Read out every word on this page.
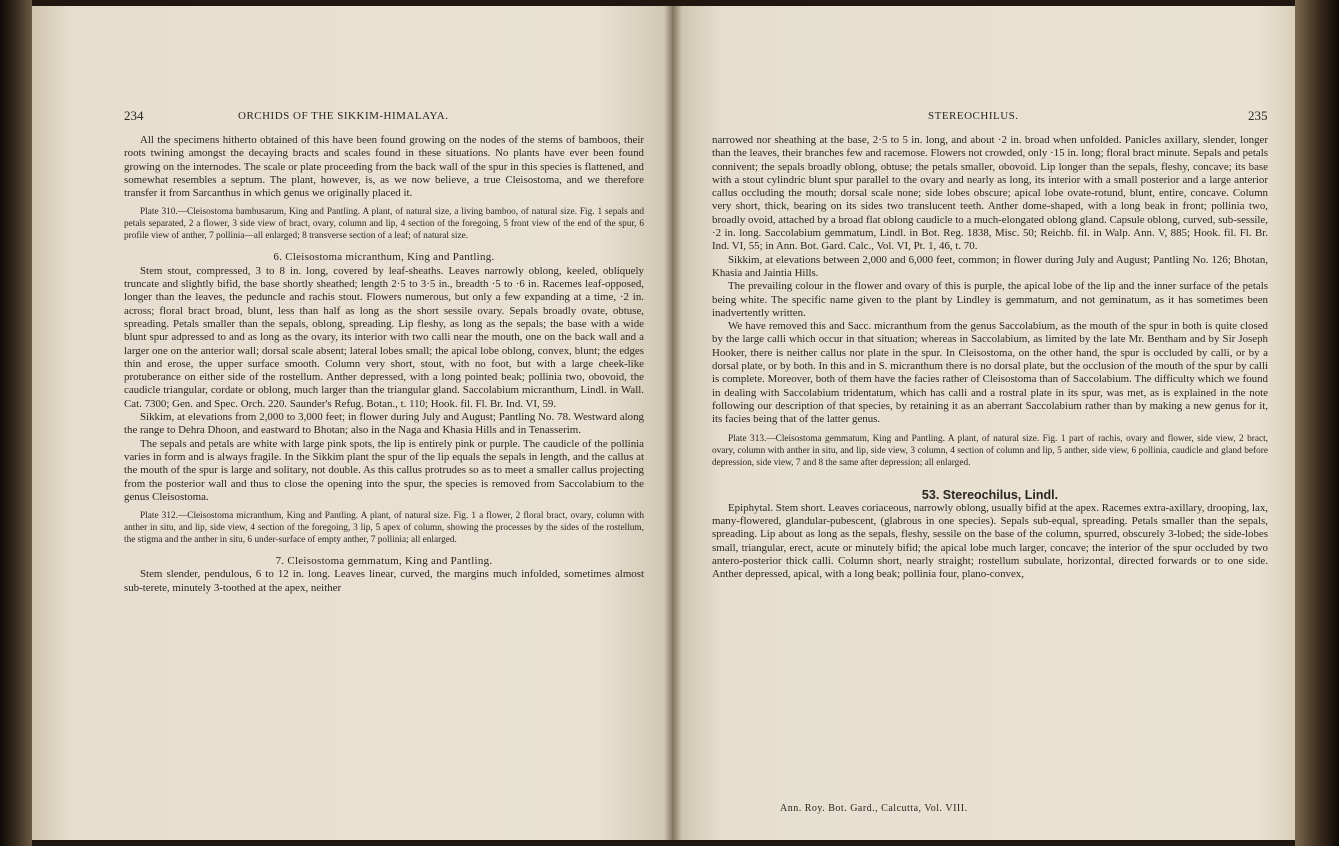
234	ORCHIDS OF THE SIKKIM-HIMALAYA.

All the specimens hitherto obtained of this have been found growing on the nodes of the stems of bamboos, their roots twining amongst the decaying bracts and scales found in these situations. No plants have ever been found growing on the internodes. The scale or plate proceeding from the back wall of the spur in this species is flattened, and somewhat resembles a septum. The plant, however, is, as we now believe, a true Cleisostoma, and we therefore transfer it from Sarcanthus in which genus we originally placed it.

Plate 310.—Cleisostoma bambusarum, King and Pantling. A plant, of natural size, a living bamboo, of natural size. Fig. 1 sepals and petals separated, 2 a flower, 3 side view of bract, ovary, column and lip, 4 section of the foregoing, 5 front view of the end of the spur, 6 profile view of anther, 7 pollinia—all enlarged; 8 transverse section of a leaf; of natural size.

6. Cleisostoma micranthum, King and Pantling.

Stem stout, compressed, 3 to 8 in. long, covered by leaf-sheaths. Leaves narrowly oblong, keeled, obliquely truncate and slightly bifid, the base shortly sheathed; length 2·5 to 3·5 in., breadth ·5 to ·6 in. Racemes leaf-opposed, longer than the leaves, the peduncle and rachis stout. Flowers numerous, but only a few expanding at a time, ·2 in. across; floral bract broad, blunt, less than half as long as the short sessile ovary. Sepals broadly ovate, obtuse, spreading. Petals smaller than the sepals, oblong, spreading. Lip fleshy, as long as the sepals; the base with a wide blunt spur adpressed to and as long as the ovary, its interior with two calli near the mouth, one on the back wall and a larger one on the anterior wall; dorsal scale absent; lateral lobes small; the apical lobe oblong, convex, blunt; the edges thin and erose, the upper surface smooth. Column very short, stout, with no foot, but with a large cheek-like protuberance on either side of the rostellum. Anther depressed, with a long pointed beak; pollinia two, obovoid, the caudicle triangular, cordate or oblong, much larger than the triangular gland. Saccolabium micranthum, Lindl. in Wall. Cat. 7300; Gen. and Spec. Orch. 220. Saunder's Refug. Botan., t. 110; Hook. fil. Fl. Br. Ind. VI, 59.

Sikkim, at elevations from 2,000 to 3,000 feet; in flower during July and August; Pantling No. 78. Westward along the range to Dehra Dhoon, and eastward to Bhotan; also in the Naga and Khasia Hills and in Tenasserim.

The sepals and petals are white with large pink spots, the lip is entirely pink or purple. The caudicle of the pollinia varies in form and is always fragile. In the Sikkim plant the spur of the lip equals the sepals in length, and the callus at the mouth of the spur is large and solitary, not double. As this callus protrudes so as to meet a smaller callus projecting from the posterior wall and thus to close the opening into the spur, the species is removed from Saccolabium to the genus Cleisostoma.

Plate 312.—Cleisostoma micranthum, King and Pantling. A plant, of natural size. Fig. 1 a flower, 2 floral bract, ovary, column with anther in situ, and lip, side view, 4 section of the foregoing, 3 lip, 5 apex of column, showing the processes by the sides of the rostellum, the stigma and the anther in situ, 6 under-surface of empty anther, 7 pollinia; all enlarged.

7. Cleisostoma gemmatum, King and Pantling.

Stem slender, pendulous, 6 to 12 in. long. Leaves linear, curved, the margins much infolded, sometimes almost sub-terete, minutely 3-toothed at the apex, neither

STEREOCHILUS.	235

narrowed nor sheathing at the base, 2·5 to 5 in. long, and about ·2 in. broad when unfolded. Panicles axillary, slender, longer than the leaves, their branches few and racemose. Flowers not crowded, only ·15 in. long; floral bract minute. Sepals and petals connivent; the sepals broadly oblong, obtuse; the petals smaller, obovoid. Lip longer than the sepals, fleshy, concave; its base with a stout cylindric blunt spur parallel to the ovary and nearly as long, its interior with a small posterior and a large anterior callus occluding the mouth; dorsal scale none; side lobes obscure; apical lobe ovate-rotund, blunt, entire, concave. Column very short, thick, bearing on its sides two translucent teeth. Anther dome-shaped, with a long beak in front; pollinia two, broadly ovoid, attached by a broad flat oblong caudicle to a much-elongated oblong gland. Capsule oblong, curved, sub-sessile, ·2 in. long. Saccolabium gemmatum, Lindl. in Bot. Reg. 1838, Misc. 50; Reichb. fil. in Walp. Ann. V, 885; Hook. fil. Fl. Br. Ind. VI, 55; in Ann. Bot. Gard. Calc., Vol. VI, Pt. 1, 46, t. 70.

Sikkim, at elevations between 2,000 and 6,000 feet, common; in flower during July and August; Pantling No. 126; Bhotan, Khasia and Jaintia Hills.

The prevailing colour in the flower and ovary of this is purple, the apical lobe of the lip and the inner surface of the petals being white. The specific name given to the plant by Lindley is gemmatum, and not geminatum, as it has sometimes been inadvertently written.

We have removed this and Sacc. micranthum from the genus Saccolabium, as the mouth of the spur in both is quite closed by the large calli which occur in that situation; whereas in Saccolabium, as limited by the late Mr. Bentham and by Sir Joseph Hooker, there is neither callus nor plate in the spur. In Cleisostoma, on the other hand, the spur is occluded by calli, or by a dorsal plate, or by both. In this and in S. micranthum there is no dorsal plate, but the occlusion of the mouth of the spur by calli is complete. Moreover, both of them have the facies rather of Cleisostoma than of Saccolabium. The difficulty which we found in dealing with Saccolabium tridentatum, which has calli and a rostral plate in its spur, was met, as is explained in the note following our description of that species, by retaining it as an aberrant Saccolabium rather than by making a new genus for it, its facies being that of the latter genus.

Plate 313.—Cleisostoma gemmatum, King and Pantling. A plant, of natural size. Fig. 1 part of rachis, ovary and flower, side view, 2 bract, ovary, column with anther in situ, and lip, side view, 3 column, 4 section of column and lip, 5 anther, side view, 6 pollinia, caudicle and gland before depression, side view, 7 and 8 the same after depression; all enlarged.

53. Stereochilus, Lindl.

Epiphytal. Stem short. Leaves coriaceous, narrowly oblong, usually bifid at the apex. Racemes extra-axillary, drooping, lax, many-flowered, glandular-pubescent, (glabrous in one species). Sepals sub-equal, spreading. Petals smaller than the sepals, spreading. Lip about as long as the sepals, fleshy, sessile on the base of the column, spurred, obscurely 3-lobed; the side-lobes small, triangular, erect, acute or minutely bifid; the apical lobe much larger, concave; the interior of the spur occluded by two antero-posterior thick calli. Column short, nearly straight; rostellum subulate, horizontal, directed forwards or to one side. Anther depressed, apical, with a long beak; pollinia four, plano-convex,

Ann. Roy. Bot. Gard., Calcutta, Vol. VIII.
